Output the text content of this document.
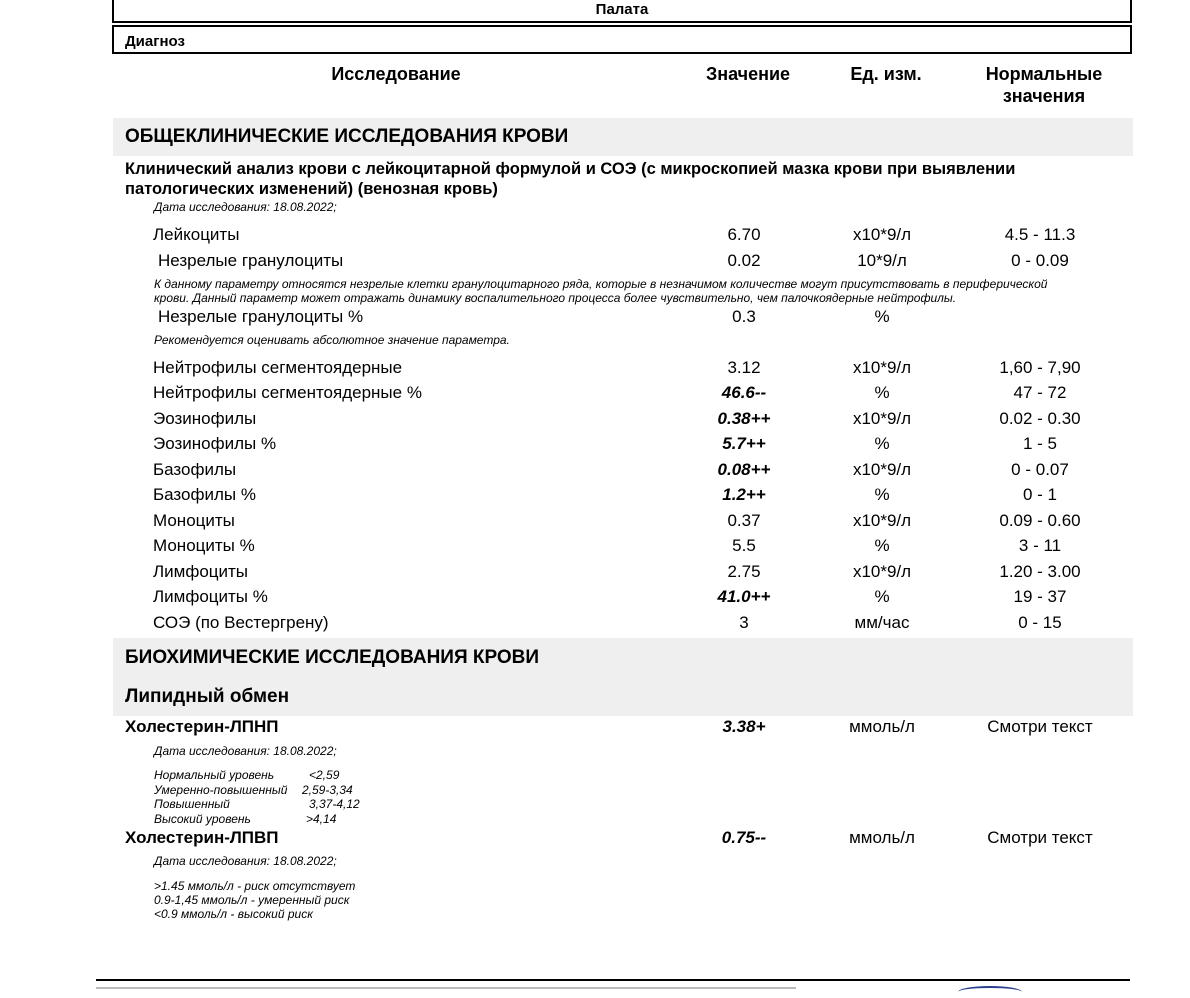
Палата
Диагноз
Исследование	Значение	Ед. изм.	Нормальные
значения
ОБЩЕКЛИНИЧЕСКИЕ ИССЛЕДОВАНИЯ КРОВИ
Клинический анализ крови с лейкоцитарной формулой и СОЭ (с микроскопией мазка крови при выявлении
патологических изменений) (венозная кровь)
Дата исследования: 18.08.2022;
Лейкоциты	6.70	x10*9/л	4.5 - 11.3
Незрелые гранулоциты	0.02	10*9/л	0 - 0.09
К данному параметру относятся незрелые клетки гранулоцитарного ряда, которые в незначимом количестве могут присутствовать в периферической
крови. Данный параметр может отражать динамику воспалительного процесса более чувствительно, чем палочкоядерные нейтрофилы.
Незрелые гранулоциты %	0.3	%
Рекомендуется оценивать абсолютное значение параметра.
Нейтрофилы сегментоядерные	3.12	x10*9/л	1,60 - 7,90
Нейтрофилы сегментоядерные %	46.6--	%	47 - 72
Эозинофилы	0.38++	x10*9/л	0.02 - 0.30
Эозинофилы %	5.7++	%	1 - 5
Базофилы	0.08++	x10*9/л	0 - 0.07
Базофилы %	1.2++	%	0 - 1
Моноциты	0.37	x10*9/л	0.09 - 0.60
Моноциты %	5.5	%	3 - 11
Лимфоциты	2.75	x10*9/л	1.20 - 3.00
Лимфоциты %	41.0++	%	19 - 37
СОЭ (по Вестергрену)	3	мм/час	0 - 15
БИОХИМИЧЕСКИЕ ИССЛЕДОВАНИЯ КРОВИ
Липидный обмен
Холестерин-ЛПНП	3.38+	ммоль/л	Смотри текст
Дата исследования: 18.08.2022;
Нормальный уровень	<2,59
Умеренно-повышенный 2,59-3,34
Повышенный	3,37-4,12
Высокий уровень	>4,14
Холестерин-ЛПВП	0.75--	ммоль/л	Смотри текст
Дата исследования: 18.08.2022;
>1.45 ммоль/л - риск отсутствует
0.9-1,45 ммоль/л - умеренный риск
<0.9 ммоль/л - высокий риск
